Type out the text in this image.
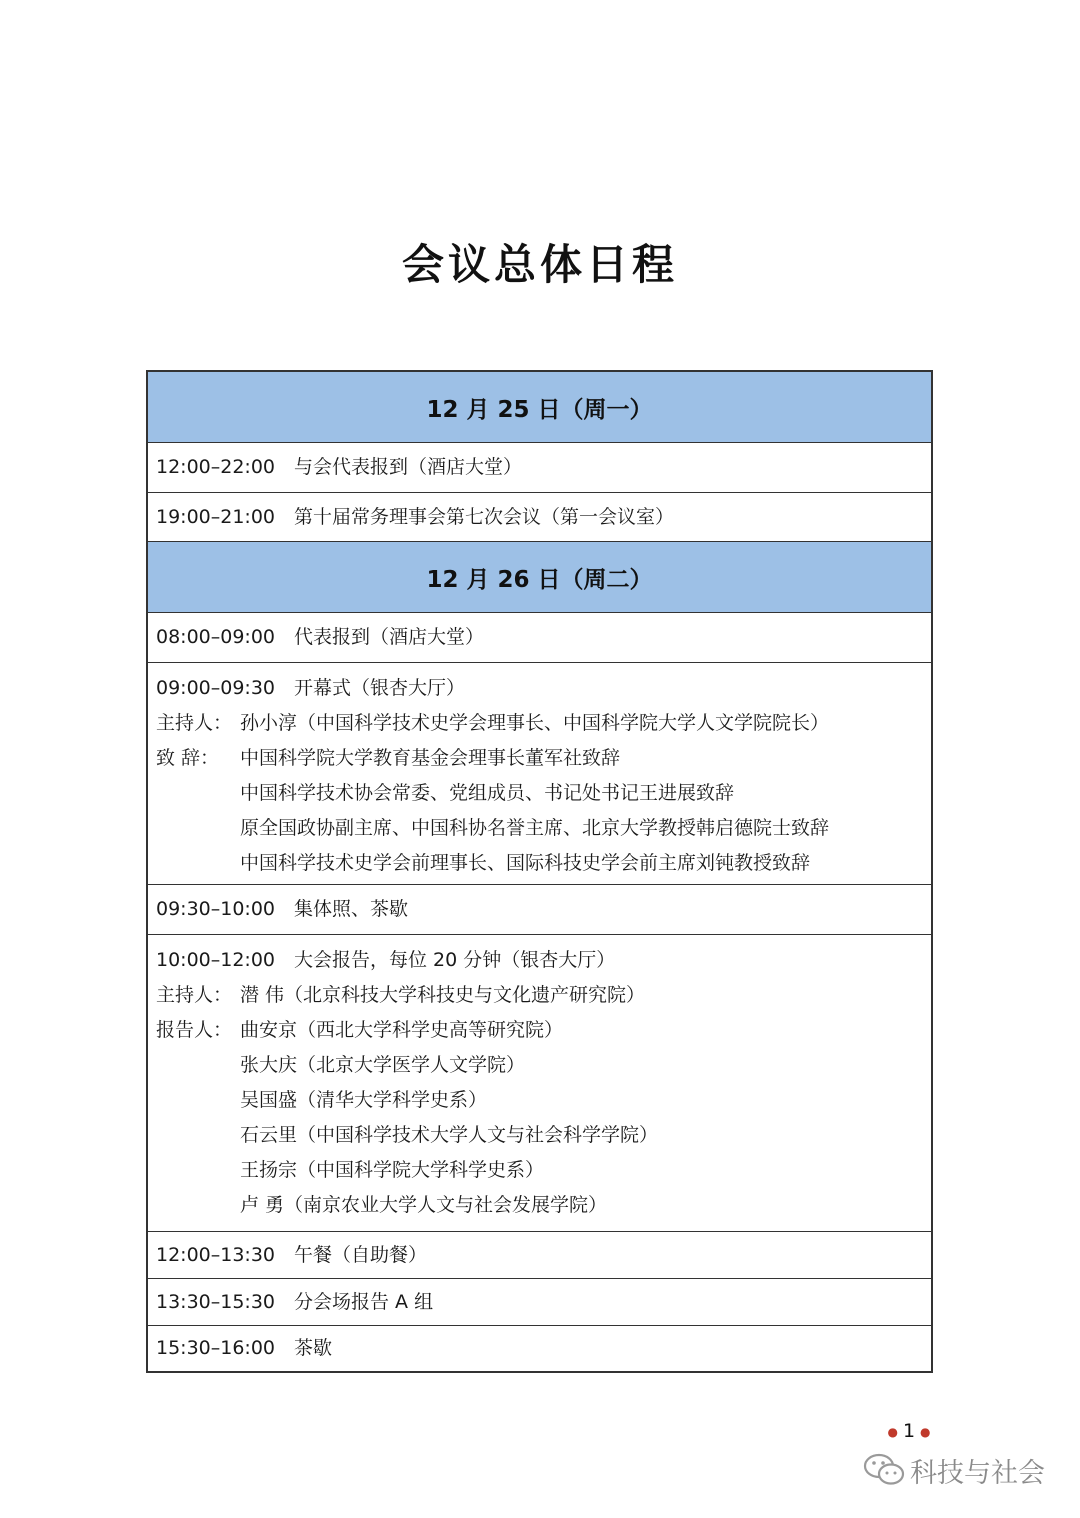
会议总体日程
12 月 25 日（周一）
12:00–22:00 与会代表报到（酒店大堂）
19:00–21:00 第十届常务理事会第七次会议（第一会议室）
12 月 26 日（周二）
08:00–09:00 代表报到（酒店大堂）
09:00–09:30 开幕式（银杏大厅）
主持人： 孙小淳（中国科学技术史学会理事长、中国科学院大学人文学院院长）
致 辞：	中国科学院大学教育基金会理事长董军社致辞
中国科学技术协会常委、党组成员、书记处书记王进展致辞
原全国政协副主席、中国科协名誉主席、北京大学教授韩启德院士致辞
中国科学技术史学会前理事长、国际科技史学会前主席刘钝教授致辞
09:30–10:00 集体照、茶歇
10:00–12:00 大会报告，每位 20 分钟（银杏大厅）
主持人： 潜 伟（北京科技大学科技史与文化遗产研究院）
报告人： 曲安京（西北大学科学史高等研究院）
张大庆（北京大学医学人文学院）
吴国盛（清华大学科学史系）
石云里（中国科学技术大学人文与社会科学学院）
王扬宗（中国科学院大学科学史系）
卢 勇（南京农业大学人文与社会发展学院）
12:00–13:30 午餐（自助餐）
13:30–15:30 分会场报告 A 组
15:30–16:00 茶歇
● 1 ●
科技与社会
